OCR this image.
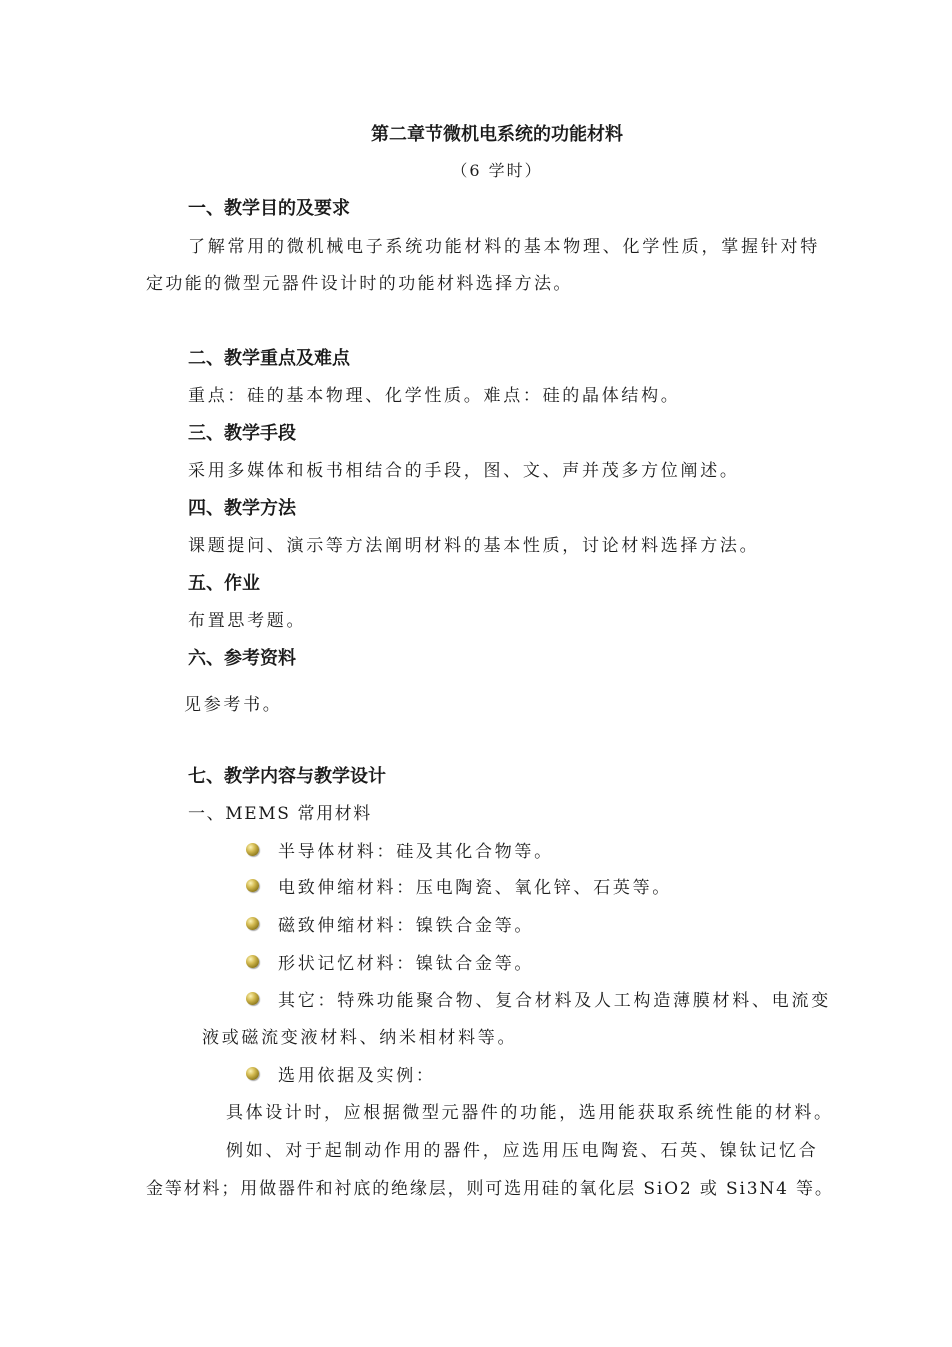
第二章节微机电系统的功能材料
（6 学时）
一、教学目的及要求
了解常用的微机械电子系统功能材料的基本物理、化学性质，掌握针对特
定功能的微型元器件设计时的功能材料选择方法。
二、教学重点及难点
重点：硅的基本物理、化学性质。难点：硅的晶体结构。
三、教学手段
采用多媒体和板书相结合的手段，图、文、声并茂多方位阐述。
四、教学方法
课题提问、演示等方法阐明材料的基本性质，讨论材料选择方法。
五、作业
布置思考题。
六、参考资料
见参考书。
七、教学内容与教学设计
一、MEMS 常用材料
半导体材料：硅及其化合物等。
电致伸缩材料：压电陶瓷、氧化锌、石英等。
磁致伸缩材料：镍铁合金等。
形状记忆材料：镍钛合金等。
其它：特殊功能聚合物、复合材料及人工构造薄膜材料、电流变
液或磁流变液材料、纳米相材料等。
选用依据及实例：
具体设计时，应根据微型元器件的功能，选用能获取系统性能的材料。
例如、对于起制动作用的器件，应选用压电陶瓷、石英、镍钛记忆合
金等材料；用做器件和衬底的绝缘层，则可选用硅的氧化层 SiO2 或 Si3N4 等。
